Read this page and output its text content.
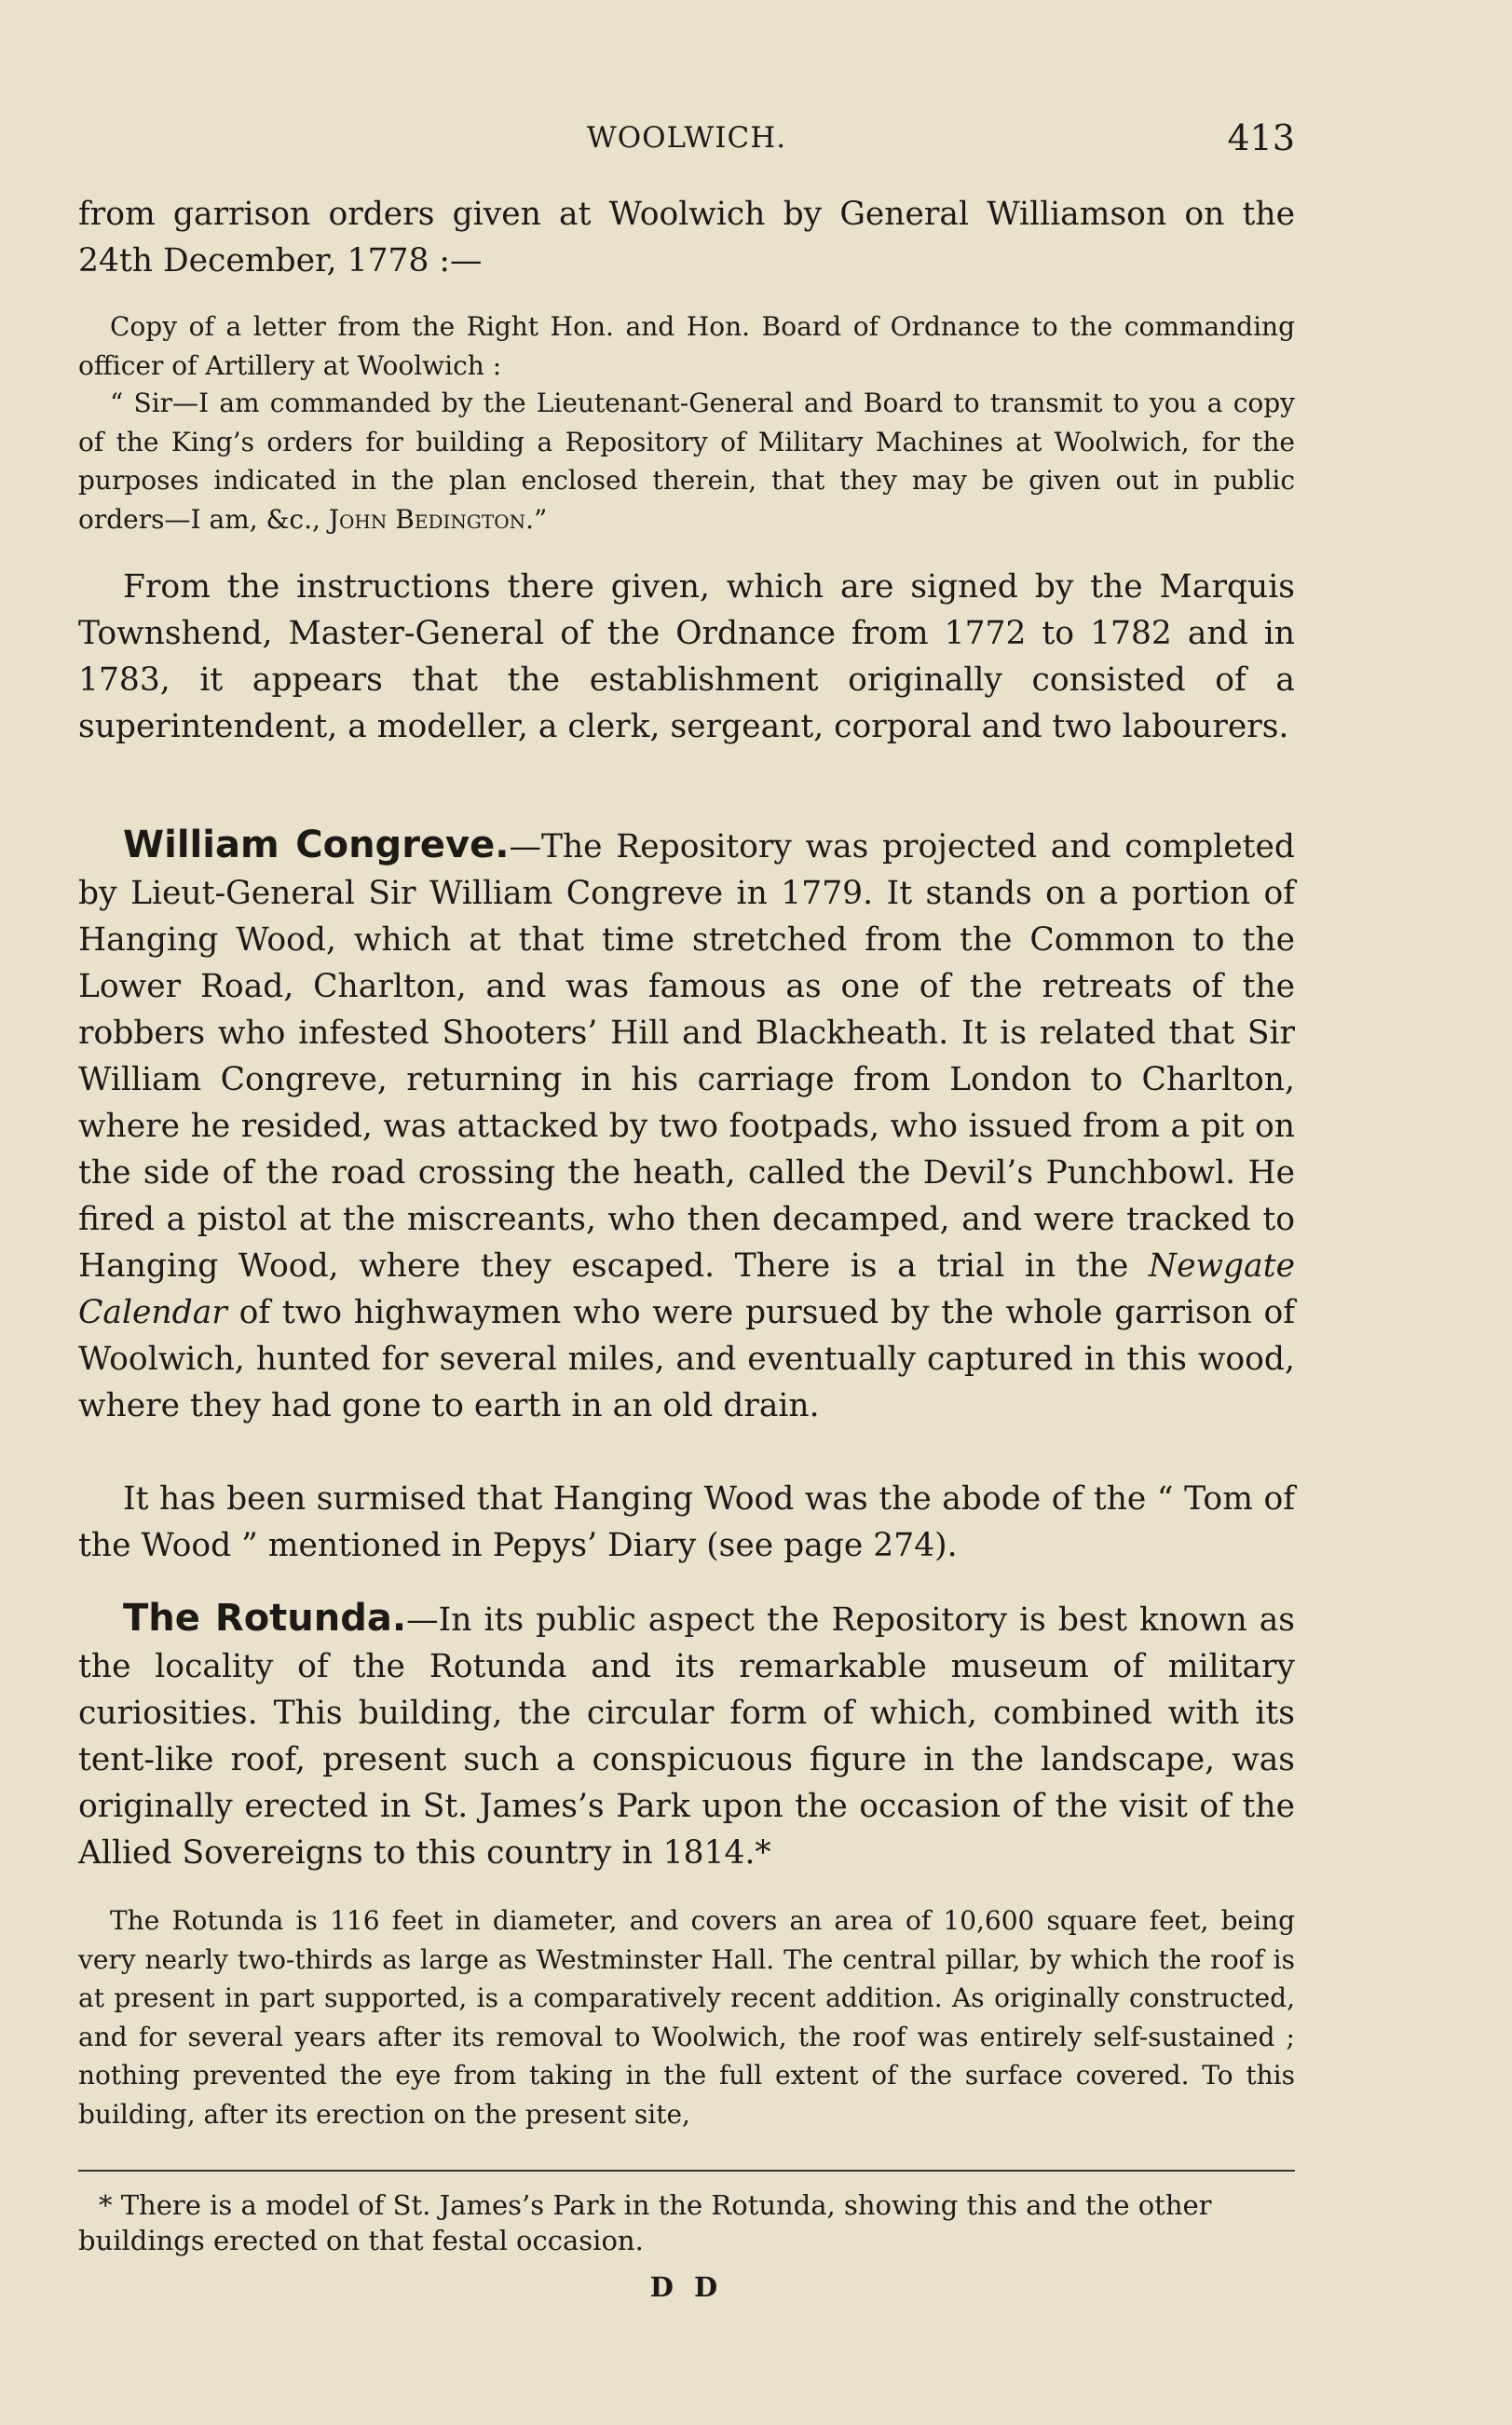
WOOLWICH.	413

from garrison orders given at Woolwich by General Williamson on the 24th December, 1778 :—

Copy of a letter from the Right Hon. and Hon. Board of Ordnance to the commanding officer of Artillery at Woolwich :

“ Sir—I am commanded by the Lieutenant-General and Board to transmit to you a copy of the King’s orders for building a Repository of Military Machines at Woolwich, for the purposes indicated in the plan enclosed therein, that they may be given out in public orders—I am, &c., John Bedington.”

From the instructions there given, which are signed by the Marquis Townshend, Master-General of the Ordnance from 1772 to 1782 and in 1783, it appears that the establishment originally consisted of a superintendent, a modeller, a clerk, sergeant, corporal and two labourers.

William Congreve.—The Repository was projected and completed by Lieut-General Sir William Congreve in 1779. It stands on a portion of Hanging Wood, which at that time stretched from the Common to the Lower Road, Charlton, and was famous as one of the retreats of the robbers who infested Shooters’ Hill and Blackheath. It is related that Sir William Congreve, returning in his carriage from London to Charlton, where he resided, was attacked by two footpads, who issued from a pit on the side of the road crossing the heath, called the Devil’s Punchbowl. He fired a pistol at the miscreants, who then decamped, and were tracked to Hanging Wood, where they escaped. There is a trial in the Newgate Calendar of two highwaymen who were pursued by the whole garrison of Woolwich, hunted for several miles, and eventually captured in this wood, where they had gone to earth in an old drain.

It has been surmised that Hanging Wood was the abode of the “ Tom of the Wood ” mentioned in Pepys’ Diary (see page 274).

The Rotunda.—In its public aspect the Repository is best known as the locality of the Rotunda and its remarkable museum of military curiosities. This building, the circular form of which, combined with its tent-like roof, present such a conspicuous figure in the landscape, was originally erected in St. James’s Park upon the occasion of the visit of the Allied Sovereigns to this country in 1814.*

The Rotunda is 116 feet in diameter, and covers an area of 10,600 square feet, being very nearly two-thirds as large as Westminster Hall. The central pillar, by which the roof is at present in part supported, is a comparatively recent addition. As originally constructed, and for several years after its removal to Woolwich, the roof was entirely self-sustained ; nothing prevented the eye from taking in the full extent of the surface covered. To this building, after its erection on the present site,

* There is a model of St. James’s Park in the Rotunda, showing this and the other buildings erected on that festal occasion.

D D
